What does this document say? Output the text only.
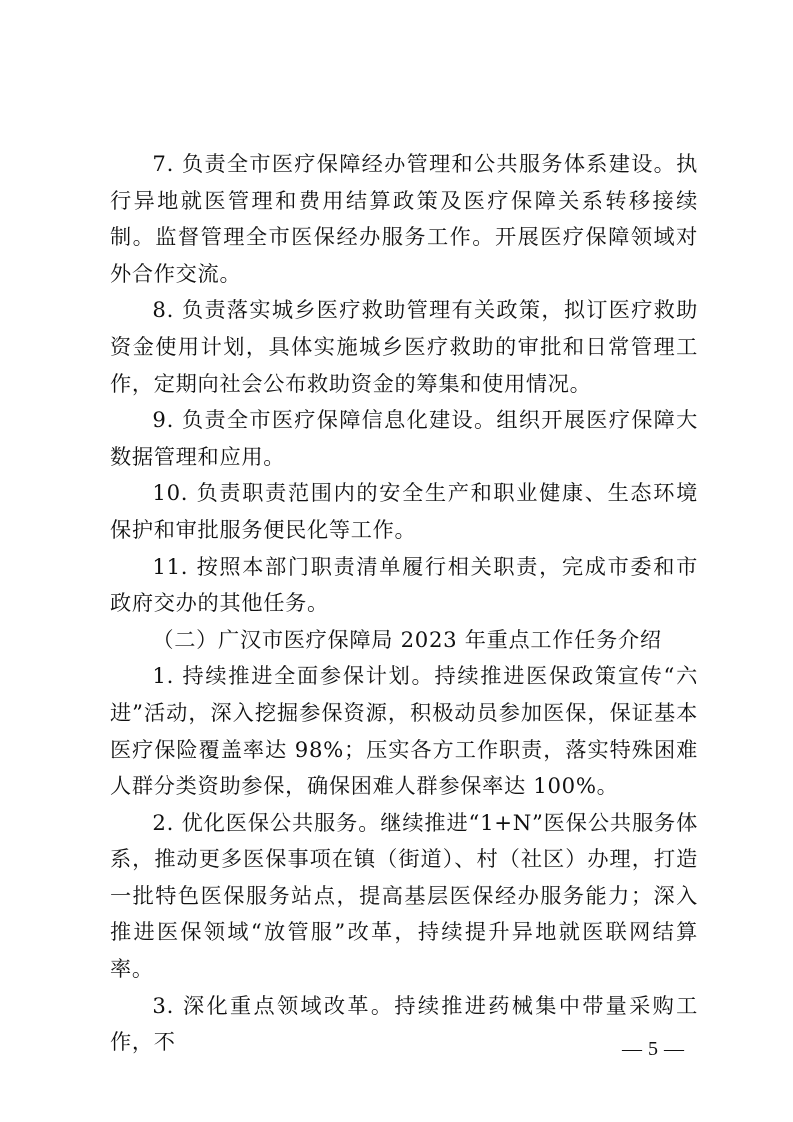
7. 负责全市医疗保障经办管理和公共服务体系建设。执行异地就医管理和费用结算政策及医疗保障关系转移接续制。监督管理全市医保经办服务工作。开展医疗保障领域对外合作交流。

8. 负责落实城乡医疗救助管理有关政策，拟订医疗救助资金使用计划，具体实施城乡医疗救助的审批和日常管理工作，定期向社会公布救助资金的筹集和使用情况。

9. 负责全市医疗保障信息化建设。组织开展医疗保障大数据管理和应用。

10. 负责职责范围内的安全生产和职业健康、生态环境保护和审批服务便民化等工作。

11. 按照本部门职责清单履行相关职责，完成市委和市政府交办的其他任务。

（二）广汉市医疗保障局 2023 年重点工作任务介绍

1. 持续推进全面参保计划。持续推进医保政策宣传“六进”活动，深入挖掘参保资源，积极动员参加医保，保证基本医疗保险覆盖率达 98%；压实各方工作职责，落实特殊困难人群分类资助参保，确保困难人群参保率达 100%。

2. 优化医保公共服务。继续推进“1+N”医保公共服务体系，推动更多医保事项在镇（街道）、村（社区）办理，打造一批特色医保服务站点，提高基层医保经办服务能力；深入推进医保领域“放管服”改革，持续提升异地就医联网结算率。

3. 深化重点领域改革。持续推进药械集中带量采购工作，不	— 5 —
